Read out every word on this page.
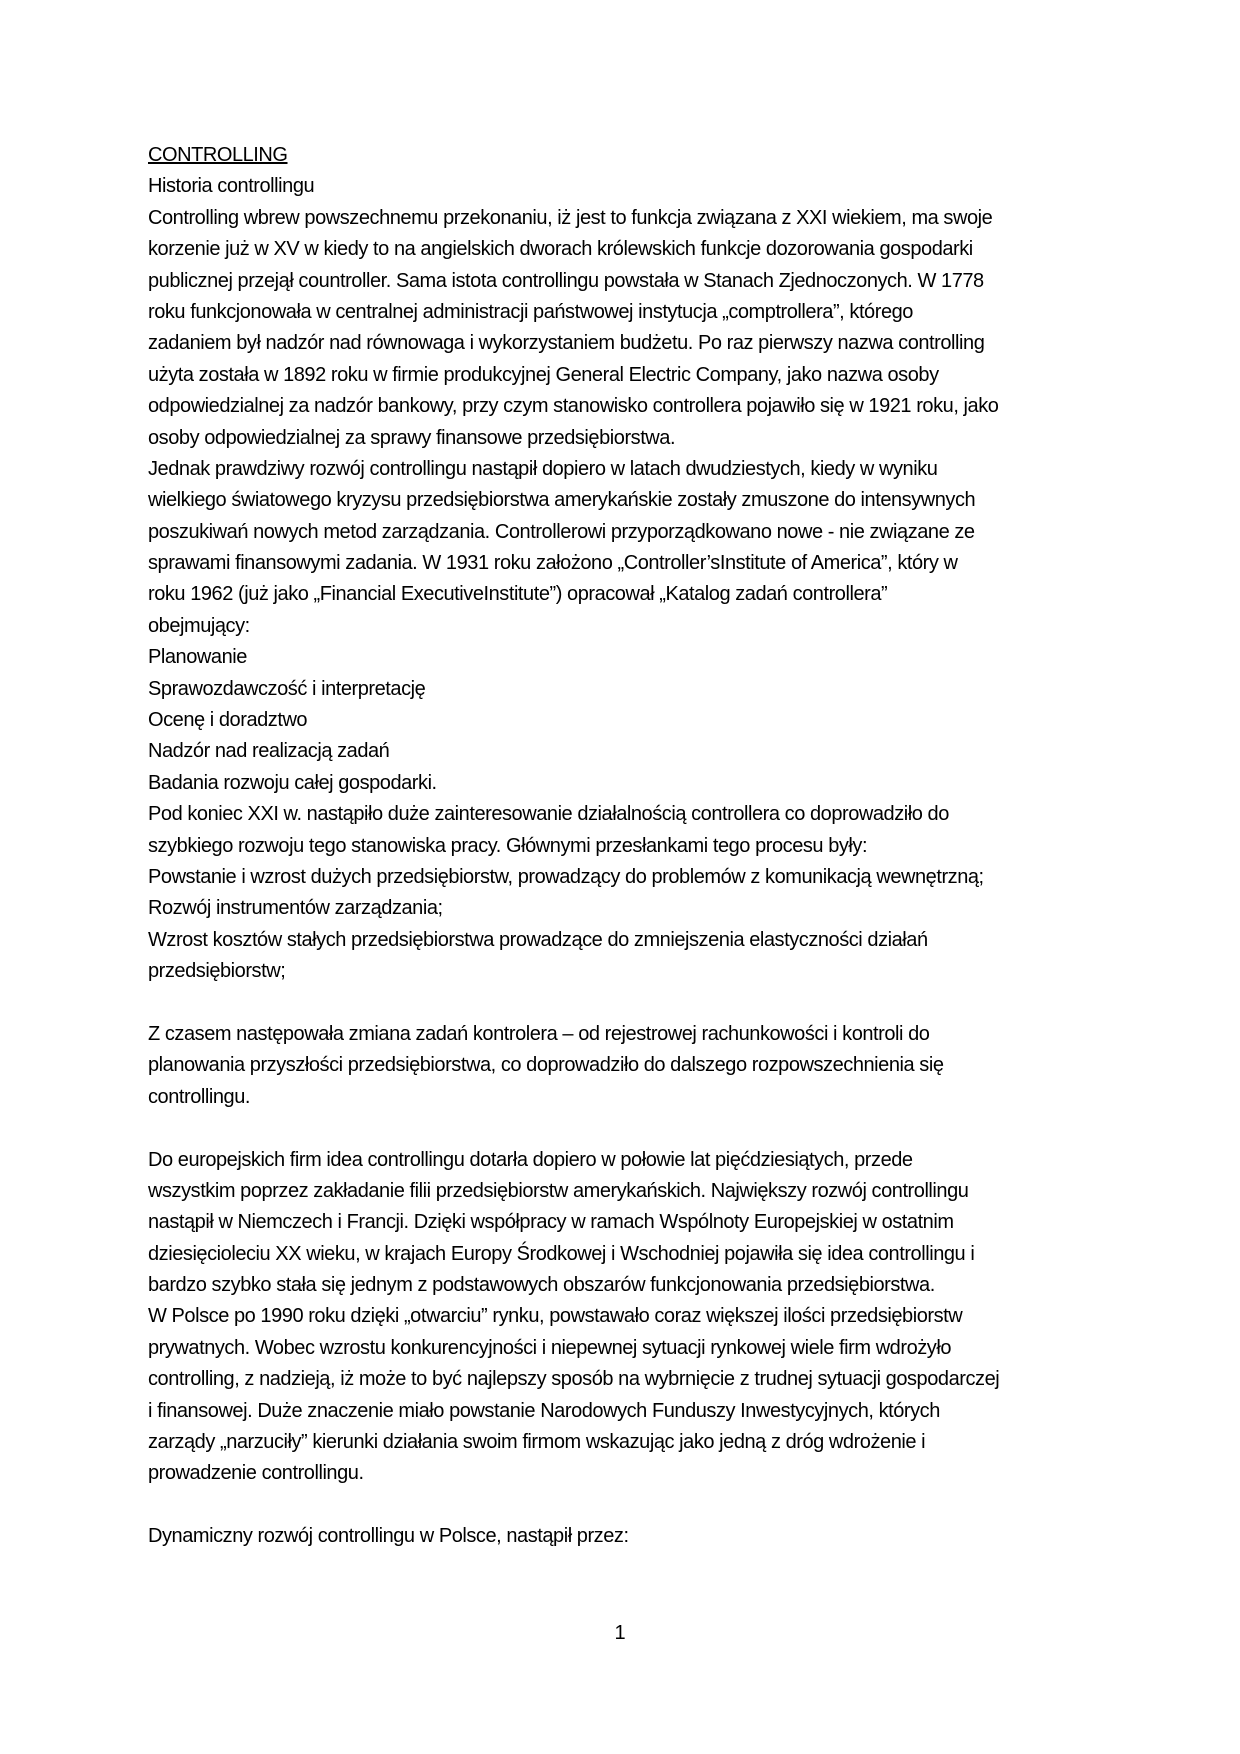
CONTROLLING
Historia controllingu
Controlling wbrew powszechnemu przekonaniu, iż jest to funkcja związana z XXI wiekiem, ma swoje
korzenie już w XV w kiedy to na angielskich dworach królewskich funkcje dozorowania gospodarki
publicznej przejął countroller. Sama istota controllingu powstała w Stanach Zjednoczonych. W 1778
roku funkcjonowała w centralnej administracji państwowej instytucja „comptrollera”, którego
zadaniem był nadzór nad równowaga i wykorzystaniem budżetu. Po raz pierwszy nazwa controlling
użyta została w 1892 roku w firmie produkcyjnej General Electric Company, jako nazwa osoby
odpowiedzialnej za nadzór bankowy, przy czym stanowisko controllera pojawiło się w 1921 roku, jako
osoby odpowiedzialnej za sprawy finansowe przedsiębiorstwa.
Jednak prawdziwy rozwój controllingu nastąpił dopiero w latach dwudziestych, kiedy w wyniku
wielkiego światowego kryzysu przedsiębiorstwa amerykańskie zostały zmuszone do intensywnych
poszukiwań nowych metod zarządzania. Controllerowi przyporządkowano nowe - nie związane ze
sprawami finansowymi zadania. W 1931 roku założono „Controller’sInstitute of America”, który w
roku 1962 (już jako „Financial ExecutiveInstitute”) opracował „Katalog zadań controllera”
obejmujący:
Planowanie
Sprawozdawczość i interpretację
Ocenę i doradztwo
Nadzór nad realizacją zadań
Badania rozwoju całej gospodarki.
Pod koniec XXI w. nastąpiło duże zainteresowanie działalnością controllera co doprowadziło do
szybkiego rozwoju tego stanowiska pracy. Głównymi przesłankami tego procesu były:
Powstanie i wzrost dużych przedsiębiorstw, prowadzący do problemów z komunikacją wewnętrzną;
Rozwój instrumentów zarządzania;
Wzrost kosztów stałych przedsiębiorstwa prowadzące do zmniejszenia elastyczności działań
przedsiębiorstw;
Z czasem następowała zmiana zadań kontrolera – od rejestrowej rachunkowości i kontroli do
planowania przyszłości przedsiębiorstwa, co doprowadziło do dalszego rozpowszechnienia się
controllingu.
Do europejskich firm idea controllingu dotarła dopiero w połowie lat pięćdziesiątych, przede
wszystkim poprzez zakładanie filii przedsiębiorstw amerykańskich. Największy rozwój controllingu
nastąpił w Niemczech i Francji. Dzięki współpracy w ramach Wspólnoty Europejskiej w ostatnim
dziesięcioleciu XX wieku, w krajach Europy Środkowej i Wschodniej pojawiła się idea controllingu i
bardzo szybko stała się jednym z podstawowych obszarów funkcjonowania przedsiębiorstwa.
W Polsce po 1990 roku dzięki „otwarciu” rynku, powstawało coraz większej ilości przedsiębiorstw
prywatnych. Wobec wzrostu konkurencyjności i niepewnej sytuacji rynkowej wiele firm wdrożyło
controlling, z nadzieją, iż może to być najlepszy sposób na wybrnięcie z trudnej sytuacji gospodarczej
i finansowej. Duże znaczenie miało powstanie Narodowych Funduszy Inwestycyjnych, których
zarządy „narzuciły” kierunki działania swoim firmom wskazując jako jedną z dróg wdrożenie i
prowadzenie controllingu.
Dynamiczny rozwój controllingu w Polsce, nastąpił przez:
1
